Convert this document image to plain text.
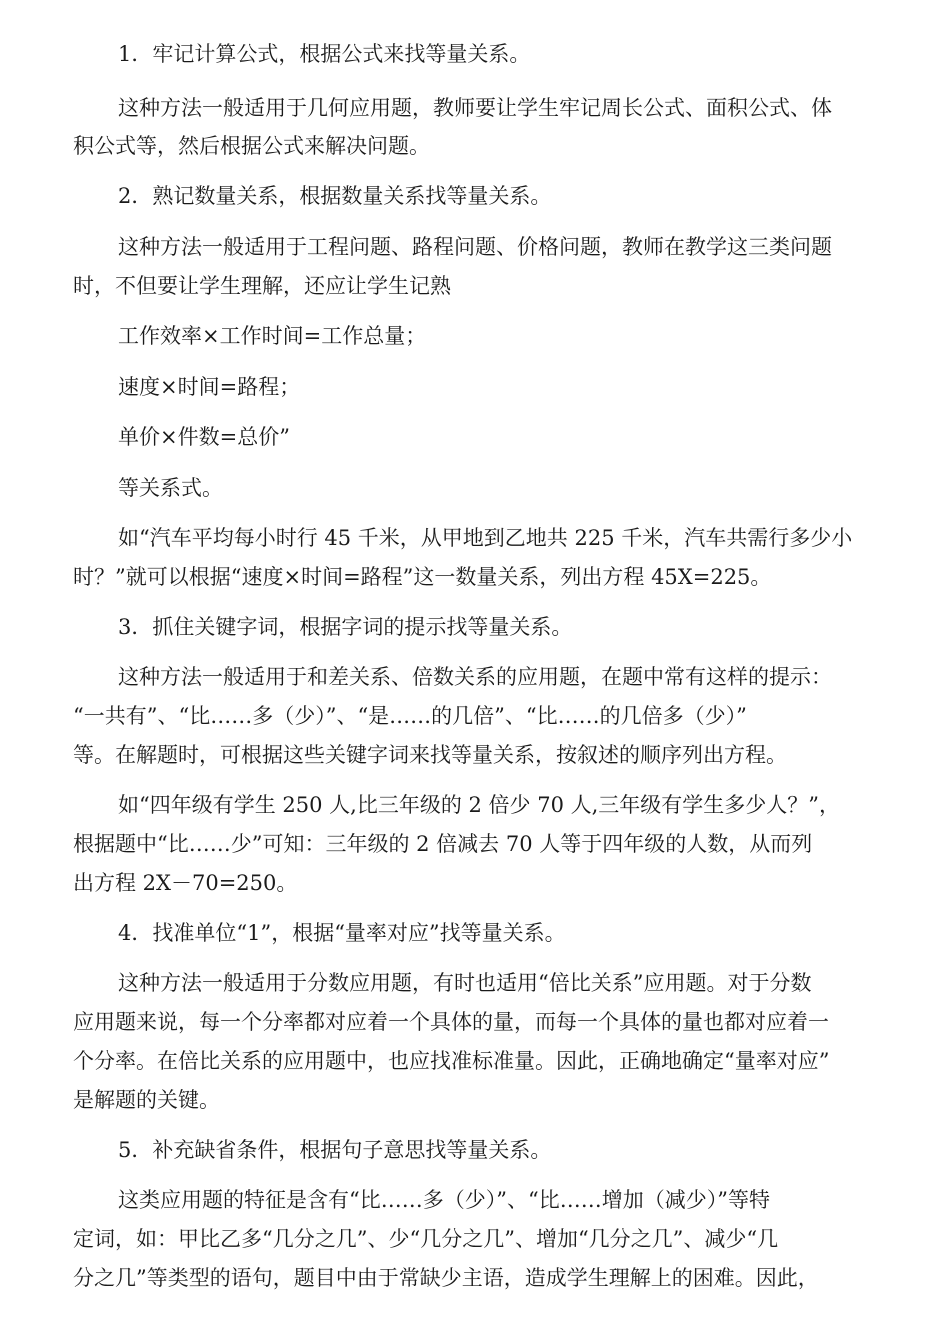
1．牢记计算公式，根据公式来找等量关系。
这种方法一般适用于几何应用题，教师要让学生牢记周长公式、面积公式、体
积公式等，然后根据公式来解决问题。
2．熟记数量关系，根据数量关系找等量关系。
这种方法一般适用于工程问题、路程问题、价格问题，教师在教学这三类问题
时，不但要让学生理解，还应让学生记熟
工作效率×工作时间=工作总量；
速度×时间=路程；
单价×件数=总价”
等关系式。
如“汽车平均每小时行 45 千米，从甲地到乙地共 225 千米，汽车共需行多少小
时？”就可以根据“速度×时间=路程”这一数量关系，列出方程 45X=225。
3．抓住关键字词，根据字词的提示找等量关系。
这种方法一般适用于和差关系、倍数关系的应用题，在题中常有这样的提示：
“一共有”、“比……多（少）”、“是……的几倍”、“比……的几倍多（少）”
等。在解题时，可根据这些关键字词来找等量关系，按叙述的顺序列出方程。
如“四年级有学生 250 人,比三年级的 2 倍少 70 人,三年级有学生多少人？”，
根据题中“比……少”可知：三年级的 2 倍减去 70 人等于四年级的人数，从而列
出方程 2X－70=250。
4．找准单位“1”，根据“量率对应”找等量关系。
这种方法一般适用于分数应用题，有时也适用“倍比关系”应用题。对于分数
应用题来说，每一个分率都对应着一个具体的量，而每一个具体的量也都对应着一
个分率。在倍比关系的应用题中，也应找准标准量。因此，正确地确定“量率对应”
是解题的关键。
5．补充缺省条件，根据句子意思找等量关系。
这类应用题的特征是含有“比……多（少）”、“比……增加（减少）”等特
定词，如：甲比乙多“几分之几”、少“几分之几”、增加“几分之几”、减少“几
分之几”等类型的语句，题目中由于常缺少主语，造成学生理解上的困难。因此，
